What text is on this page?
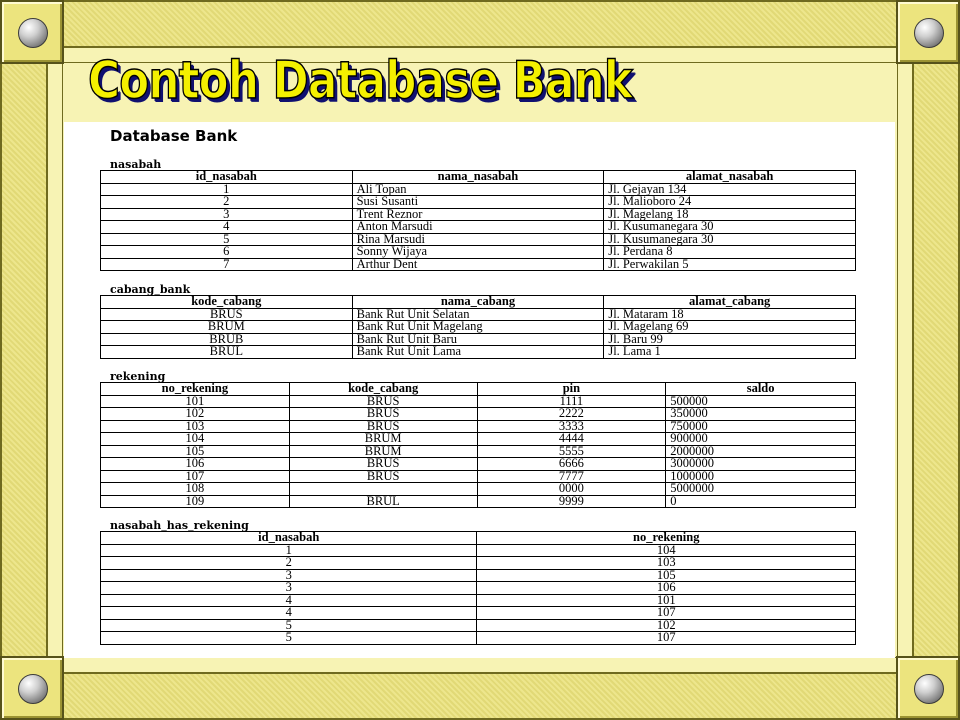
Contoh Database Bank
Database Bank
nasabah
id_nasabah	nama_nasabah	alamat_nasabah
1	Ali Topan	Jl. Gejayan 134
2	Susi Susanti	Jl. Malioboro 24
3	Trent Reznor	Jl. Magelang 18
4	Anton Marsudi	Jl. Kusumanegara 30
5	Rina Marsudi	Jl. Kusumanegara 30
6	Sonny Wijaya	Jl. Perdana 8
7	Arthur Dent	Jl. Perwakilan 5
cabang_bank
kode_cabang	nama_cabang	alamat_cabang
BRUS	Bank Rut Unit Selatan	Jl. Mataram 18
BRUM	Bank Rut Unit Magelang	Jl. Magelang 69
BRUB	Bank Rut Unit Baru	Jl. Baru 99
BRUL	Bank Rut Unit Lama	Jl. Lama 1
rekening
no_rekening	kode_cabang	pin	saldo
101	BRUS	1111	500000
102	BRUS	2222	350000
103	BRUS	3333	750000
104	BRUM	4444	900000
105	BRUM	5555	2000000
106	BRUS	6666	3000000
107	BRUS	7777	1000000
108		0000	5000000
109	BRUL	9999	0
nasabah_has_rekening
id_nasabah	no_rekening
1	104
2	103
3	105
3	106
4	101
4	107
5	102
5	107
